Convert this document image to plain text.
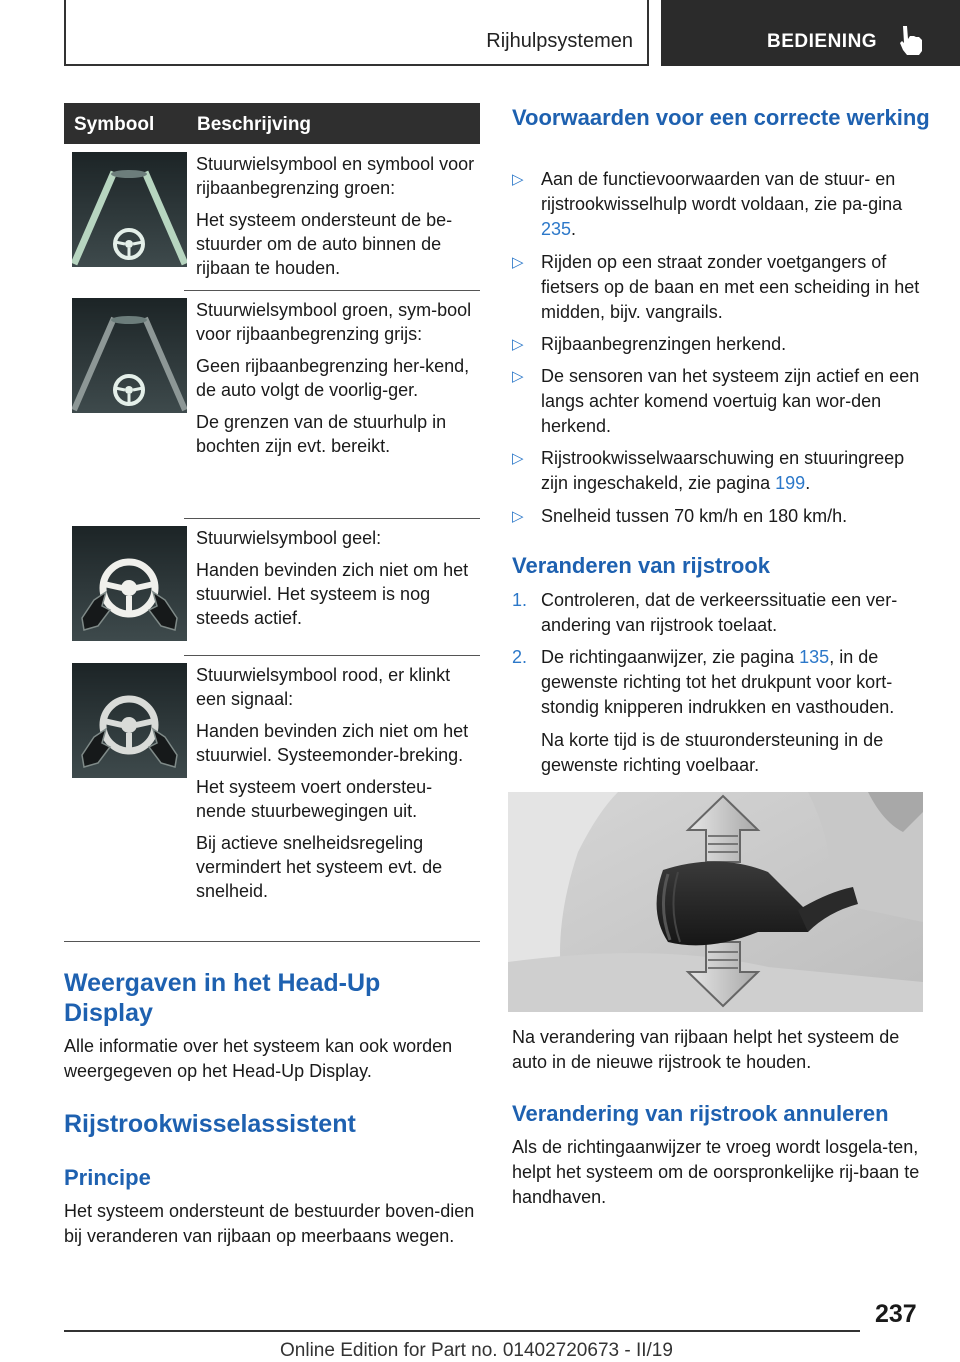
Rijhulpsystemen	BEDIENING
Symbool Beschrijving

Stuurwielsymbool en symbool voor rijbaanbegrenzing groen:

Het systeem ondersteunt de be-stuurder om de auto binnen de rijbaan te houden.

Stuurwielsymbool groen, sym-bool voor rijbaanbegrenzing grijs:

Geen rijbaanbegrenzing her-kend, de auto volgt de voorlig-ger.

De grenzen van de stuurhulp in bochten zijn evt. bereikt.

Stuurwielsymbool geel:

Handen bevinden zich niet om het stuurwiel. Het systeem is nog steeds actief.

Stuurwielsymbool rood, er klinkt een signaal:

Handen bevinden zich niet om het stuurwiel. Systeemonder-breking.

Het systeem voert ondersteu-nende stuurbewegingen uit.

Bij actieve snelheidsregeling vermindert het systeem evt. de snelheid.

Weergaven in het Head-Up Display
Alle informatie over het systeem kan ook worden weergegeven op het Head-Up Display.
Rijstrookwisselassistent
Principe
Het systeem ondersteunt de bestuurder boven-dien bij veranderen van rijbaan op meerbaans wegen.
Voorwaarden voor een correcte werking
▷ Aan de functievoorwaarden van de stuur- en rijstrookwisselhulp wordt voldaan, zie pa-gina 235.
▷ Rijden op een straat zonder voetgangers of fietsers op de baan en met een scheiding in het midden, bijv. vangrails.
▷ Rijbaanbegrenzingen herkend.
▷ De sensoren van het systeem zijn actief en een langs achter komend voertuig kan wor-den herkend.
▷ Rijstrookwisselwaarschuwing en stuuringreep zijn ingeschakeld, zie pagina 199.
▷ Snelheid tussen 70 km/h en 180 km/h.
Veranderen van rijstrook
1. Controleren, dat de verkeerssituatie een ver-andering van rijstrook toelaat.
2. De richtingaanwijzer, zie pagina 135, in de gewenste richting tot het drukpunt voor kort-stondig knipperen indrukken en vasthouden.
Na korte tijd is de stuurondersteuning in de gewenste richting voelbaar.
Na verandering van rijbaan helpt het systeem de auto in de nieuwe rijstrook te houden.
Verandering van rijstrook annuleren
Als de richtingaanwijzer te vroeg wordt losgela-ten, helpt het systeem om de oorspronkelijke rij-baan te handhaven.
237
Online Edition for Part no. 01402720673 - II/19
